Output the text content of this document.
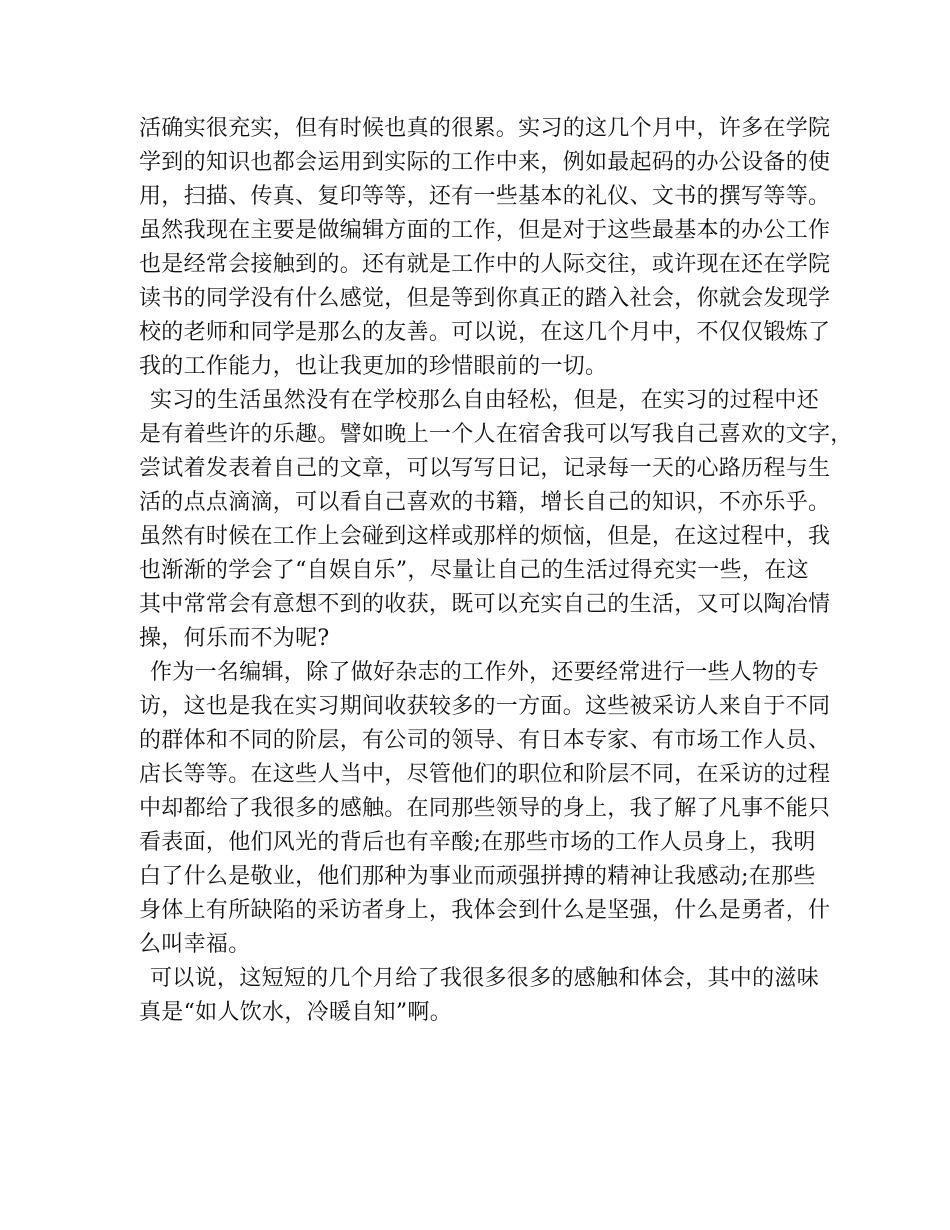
活确实很充实，但有时候也真的很累。实习的这几个月中，许多在学院
学到的知识也都会运用到实际的工作中来，例如最起码的办公设备的使
用，扫描、传真、复印等等，还有一些基本的礼仪、文书的撰写等等。
虽然我现在主要是做编辑方面的工作，但是对于这些最基本的办公工作
也是经常会接触到的。还有就是工作中的人际交往，或许现在还在学院
读书的同学没有什么感觉，但是等到你真正的踏入社会，你就会发现学
校的老师和同学是那么的友善。可以说，在这几个月中，不仅仅锻炼了
我的工作能力，也让我更加的珍惜眼前的一切。
实习的生活虽然没有在学校那么自由轻松，但是，在实习的过程中还
是有着些许的乐趣。譬如晚上一个人在宿舍我可以写我自己喜欢的文字，
尝试着发表着自己的文章，可以写写日记，记录每一天的心路历程与生
活的点点滴滴，可以看自己喜欢的书籍，增长自己的知识，不亦乐乎。
虽然有时候在工作上会碰到这样或那样的烦恼，但是，在这过程中，我
也渐渐的学会了“自娱自乐”，尽量让自己的生活过得充实一些，在这
其中常常会有意想不到的收获，既可以充实自己的生活，又可以陶冶情
操，何乐而不为呢?
作为一名编辑，除了做好杂志的工作外，还要经常进行一些人物的专
访，这也是我在实习期间收获较多的一方面。这些被采访人来自于不同
的群体和不同的阶层，有公司的领导、有日本专家、有市场工作人员、
店长等等。在这些人当中，尽管他们的职位和阶层不同，在采访的过程
中却都给了我很多的感触。在同那些领导的身上，我了解了凡事不能只
看表面，他们风光的背后也有辛酸;在那些市场的工作人员身上，我明
白了什么是敬业，他们那种为事业而顽强拼搏的精神让我感动;在那些
身体上有所缺陷的采访者身上，我体会到什么是坚强，什么是勇者，什
么叫幸福。
可以说，这短短的几个月给了我很多很多的感触和体会，其中的滋味
真是“如人饮水，冷暖自知”啊。
